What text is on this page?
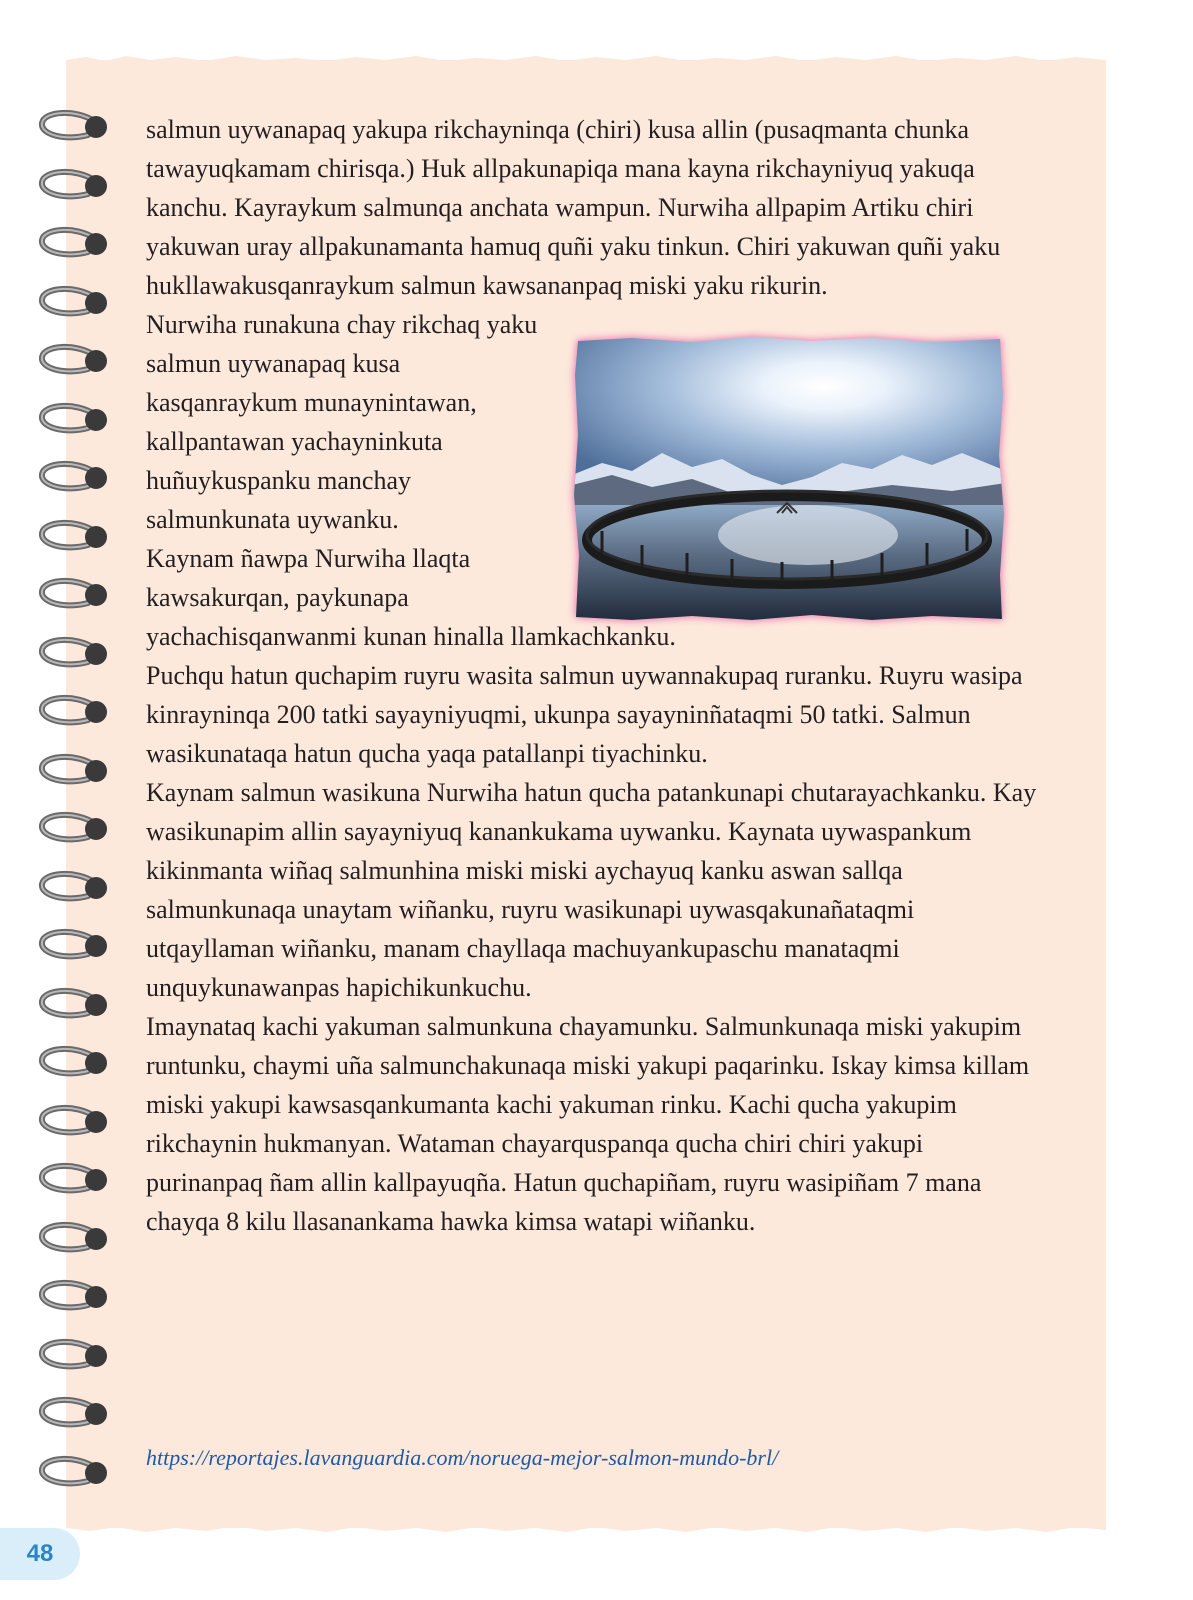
salmun uywanapaq yakupa rikchayninqa (chiri) kusa allin (pusaqmanta chunka tawayuqkamam chirisqa.) Huk allpakunapiqa mana kayna rikchayniyuq yakuqa kanchu. Kayraykum salmunqa anchata wampun. Nurwiha allpapim Artiku chiri yakuwan uray allpakunamanta hamuq quñi yaku tinkun. Chiri yakuwan quñi yaku hukllawakusqanraykum salmun kawsananpaq miski yaku rikurin.

Nurwiha runakuna chay rikchaq yaku salmun uywanapaq kusa kasqanraykum munaynintawan, kallpantawan yachayninkuta huñuykuspanku manchay salmunkunata uywanku.

Kaynam ñawpa Nurwiha llaqta kawsakurqan, paykunapa yachachisqanwanmi kunan hinalla llamkachkanku.

Puchqu hatun quchapim ruyru wasita salmun uywannakupaq ruranku. Ruyru wasipa kinrayninqa 200 tatki sayayniyuqmi, ukunpa sayayninñataqmi 50 tatki. Salmun wasikunataqa hatun qucha yaqa patallanpi tiyachinku.

Kaynam salmun wasikuna Nurwiha hatun qucha patankunapi chutarayachkanku. Kay wasikunapim allin sayayniyuq kanankukama uywanku. Kaynata uywaspankum kikinmanta wiñaq salmunhina miski miski aychayuq kanku aswan sallqa salmunkunaqa unaytam wiñanku, ruyru wasikunapi uywasqakunañataqmi utqayllaman wiñanku, manam chayllaqa machuyankupaschu manataqmi unquykunawanpas hapichikunkuchu.

Imaynataq kachi yakuman salmunkuna chayamunku. Salmunkunaqa miski yakupim runtunku, chaymi uña salmunchakunaqa miski yakupi paqarinku. Iskay kimsa killam miski yakupi kawsasqankumanta kachi yakuman rinku. Kachi qucha yakupim rikchaynin hukmanyan. Wataman chayarquspanqa qucha chiri chiri yakupi purinanpaq ñam allin kallpayuqña. Hatun quchapiñam, ruyru wasipiñam 7 mana chayqa 8 kilu llasanankama hawka kimsa watapi wiñanku.

https://reportajes.lavanguardia.com/noruega-mejor-salmon-mundo-brl/
48
